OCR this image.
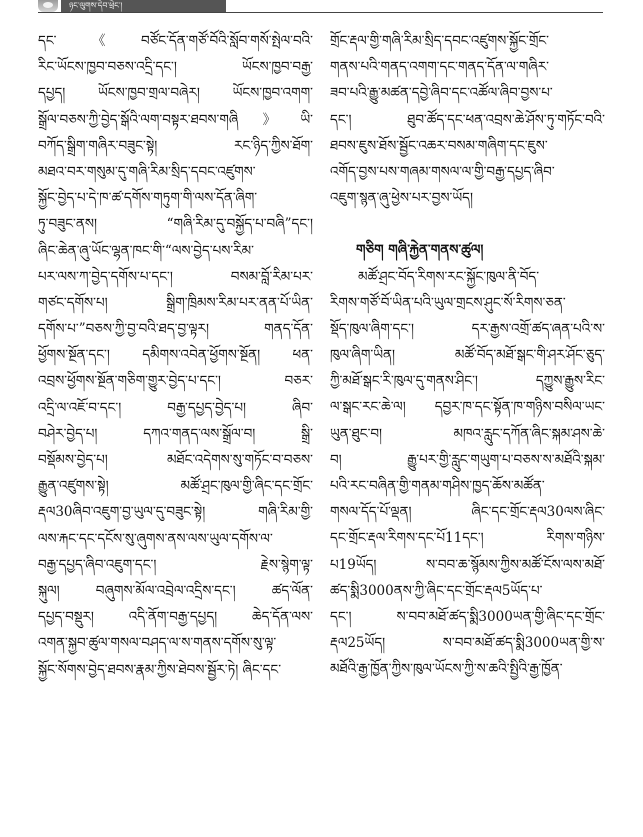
ཉང་ལུགས་དེབ་ཕྲེང་།
དང་《བཙོང་དོན་གཙོ་བོའི་སློབ་གསོ་སྤེལ་བའི་
རིང་ཡོངས་ཁྱབ་བཅས་འདྲི་དང་། ཡོངས་ཁྱབ་བརྒྱ་
དཔྱད། ཡོངས་ཁྱབ་གྲལ་བཞེར། ཡོངས་ཁྱབ་འགག་
སྒྲོལ་བཅས་ཀྱི་བྱེད་སྒོའི་ལག་བསྟར་ཐབས་གཞི》ཡི་
བཀོད་སྒྲིག་གཞིར་བཟུང་སྟེ། རང་ཉིད་ཀྱིས་ཐོག་
མཐའ་བར་གསུམ་དུ་གཞི་རིམ་སྲིད་དབང་འཛུགས་
སྐྱོང་བྱེད་པ་དེ་ཁ་ཚ་དགོས་གཏུག་གི་ལས་དོན་ཞིག་
ཏུ་བཟུང་ནས། “གཞི་རིམ་དུ་བསྐྱོད་པ་བཞི”དང་།
ཞིང་ཆེན་ཞུ་ཡོང་ལྷན་ཁང་གི་“ལས་བྱེད་པས་རིམ་
པར་ལས་ཀ་བྱེད་དགོས་པ་དང་། བསམ་བློ་རིམ་པར་
གཙང་དགོས་པ། སྒྲིག་ཁྲིམས་རིམ་པར་ནན་པོ་ཡིན་
དགོས་པ་”བཅས་ཀྱི་བྱ་བའི་ཐད་བྱ་ལྟར། གནད་དོན་
ཕྱོགས་སྔོན་དང་། དམིགས་འབེན་ཕྱོགས་སྔོན། ཕན་
འབྲས་ཕྱོགས་སྔོན་གཅིག་གྱུར་བྱེད་པ་དང་། བཅར་
འདྲི་ལ་འཇོ་བ་དང་། བརྒྱ་དཔྱད་བྱེད་པ། ཞིབ་
བཤེར་བྱེད་པ། དཀའ་གནད་ལས་སྒྲོལ་བ། སྒྲི་
བསྡོམས་བྱེད་པ། མཐོང་འདེགས་སུ་གཏོང་བ་བཅས་
རྒྱུན་འཛུགས་སྟེ། མཚོ་ཤྲང་ཁུལ་གྱི་ཞིང་དང་གྲོང་
རྡལ30ཞིབ་འཇུག་བྱ་ཡུལ་དུ་བཟུང་སྟེ། གཞི་རིམ་གྱི་
ལས་རྐང་དང་དངོས་སུ་ཞུགས་ནས་ལས་ཡུལ་དགོས་ལ་
བརྒྱ་དཔྱད་ཞིབ་འཇུག་དང་། རྗེས་སྙེག་ལྟ་
སྐུལ། བཞུགས་མོལ་འབྲེལ་འདྲིས་དང་། ཚད་ལོན་
དཔྱད་བསྡུར། འདི་ནོག་བརྒྱ་དཔྱད། ཆེད་དོན་ལས་
འགན་སྐྱབ་ཚུལ་གསལ་བཤད་ལ་ས་གནས་དགོས་སུ་ལྟ་
སྐྱོང་སོགས་བྱེད་ཐབས་རྣམ་ཀྱིས་ཐེབས་སྦྱོར་ཏེ། ཞིང་དང་
གྲོང་རྡལ་གྱི་གཞི་རིམ་སྲིད་དབང་འཛུགས་སྐྱོང་གྲོང་
གནས་པའི་གནད་འགག་དང་གནད་དོན་ལ་གཞིར་
ཟབ་པའི་རྒྱུ་མཚན་དབྱེ་ཞིབ་དང་འཚོལ་ཞིབ་བྱས་པ་
དང་། ཐུབ་ཚོད་དང་ཕན་འབྲས་ཆེ་ཤོས་ཏུ་གཏོང་བའི་
ཐབས་ཇུས་ཐོས་སྦྱོང་འཆར་བསམ་གཞིག་དང་ཇུས་
འགོད་བྱས་པས་གཞམ་གསལ་ལ་གྱི་བརྒྱ་དཔྱད་ཞིབ་
འཇུག་སྙན་ཞུ་ཕྱེས་པར་བྱས་ཡོད།
གཅིག གཞི་རྐྱེན་གནས་ཚུལ།
མཚོ་ཤྲང་བོད་རིགས་རང་སྐྱོང་ཁུལ་ནི་བོད་
རིགས་གཙོ་བོ་ཡིན་པའི་ཡུལ་གྲངས་ཤུང་སོ་རིགས་ཅན་
སྡོད་ཁུལ་ཞིག་དང་། དར་རྒྱས་འགྲོ་ཚད་ཞན་པའི་ས་
ཁུལ་ཞིག་ཡིན། མཚོ་བོད་མཐོ་སྒང་གི་ཤར་ཤོང་ཅུད་
ཀྱི་མཐོ་སྒང་རི་ཁུལ་དུ་གནས་ཤིང་། དཀྱུས་རྒྱུས་རིང་
ལ་སྒང་རང་ཆེ་ལ། དབྱར་ཁ་དང་སྟོན་ཁ་གཉིས་བསིལ་ཡང་
ཡུན་ཐུང་བ། མཁའ་རླུང་དཀོན་ཞིང་སྐམ་ཤས་ཆེ་
བ། རྒྱུ་པར་གྱི་རླུང་གཡུག་པ་བཅས་ས་མཐོའི་སྐམ་
པའི་རང་བཞིན་གྱི་གནམ་གཤིས་ཁྱད་ཆོས་མཚོན་
གསལ་དོད་པོ་ལྡན། ཞིང་དང་གྲོང་རྡལ30ལས་ཞིང་
དང་གྲོང་རྡལ་རིགས་དང་པོ11དང་། རིགས་གཉིས་
པ19ཡོད། ས་བབ་ཆ་སྙོམས་ཀྱིས་མཚོ་ངོས་ལས་མཐོ་
ཚད་སྨི3000ནས་ཀྱི་ཞིང་དང་གྲོང་རྡལ5ཡོད་པ་
དང་། ས་བབ་མཐོ་ཚད་སྨི3000ཡན་གྱི་ཞིང་དང་གྲོང་
རྡལ25ཡོད། ས་བབ་མཐོ་ཚད་སྨི3000ཡན་གྱི་ས་
མཐོའི་རྒྱ་ཁྱོན་ཀྱིས་ཁུལ་ཡོངས་ཀྱི་ས་ཆའི་སྤྱིའི་རྒྱ་ཁྱོན་
